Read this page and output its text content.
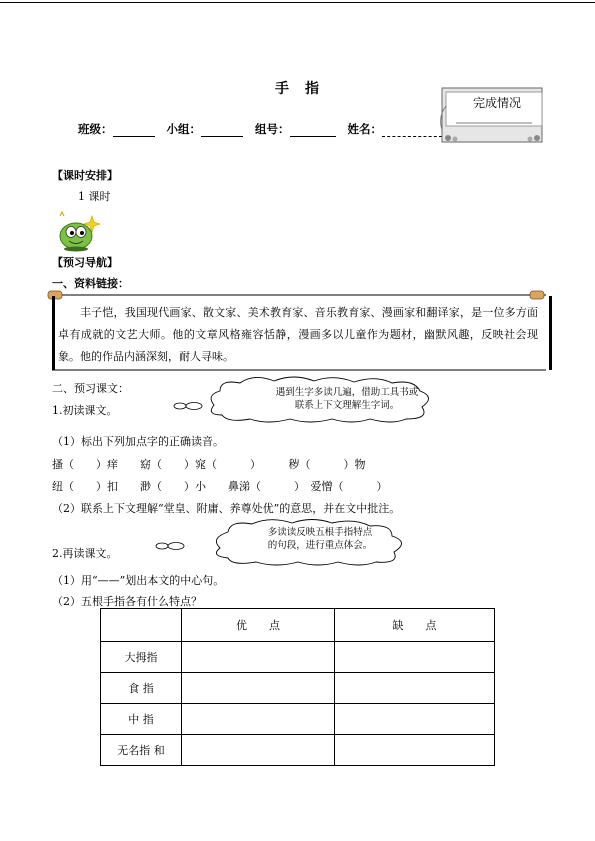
手　指
班级：	小组：	组号：	姓名：
完成情况
【课时安排】
1 课时
【预习导航】
一、资料链接：
丰子恺，我国现代画家、散文家、美术教育家、音乐教育家、漫画家和翻译家，是一位多方面卓有成就的文艺大师。他的文章风格雍容恬静，漫画多以儿童作为题材，幽默风趣，反映社会现象。他的作品内涵深刻，耐人寻味。
二、预习课文：
1.初读课文。
遇到生字多读几遍，借助工具书或
联系上下文理解生字词。
（1）标出下列加点字的正确读音。
搔（　　）痒　　窈（　　）窕（　　　）　　　秽（　　　）物
纽（　　）扣　　渺（　　）小　　鼻涕（　　　）　爱憎（　　　）
（2）联系上下文理解“堂皇、附庸、养尊处优”的意思，并在文中批注。
多读读反映五根手指特点
的句段，进行重点体会。
2.再读课文。
（1）用“——”划出本文的中心句。
（2）五根手指各有什么特点？
	优　　点	缺　　点
大拇指		
食 指		
中 指		
无名指 和		
